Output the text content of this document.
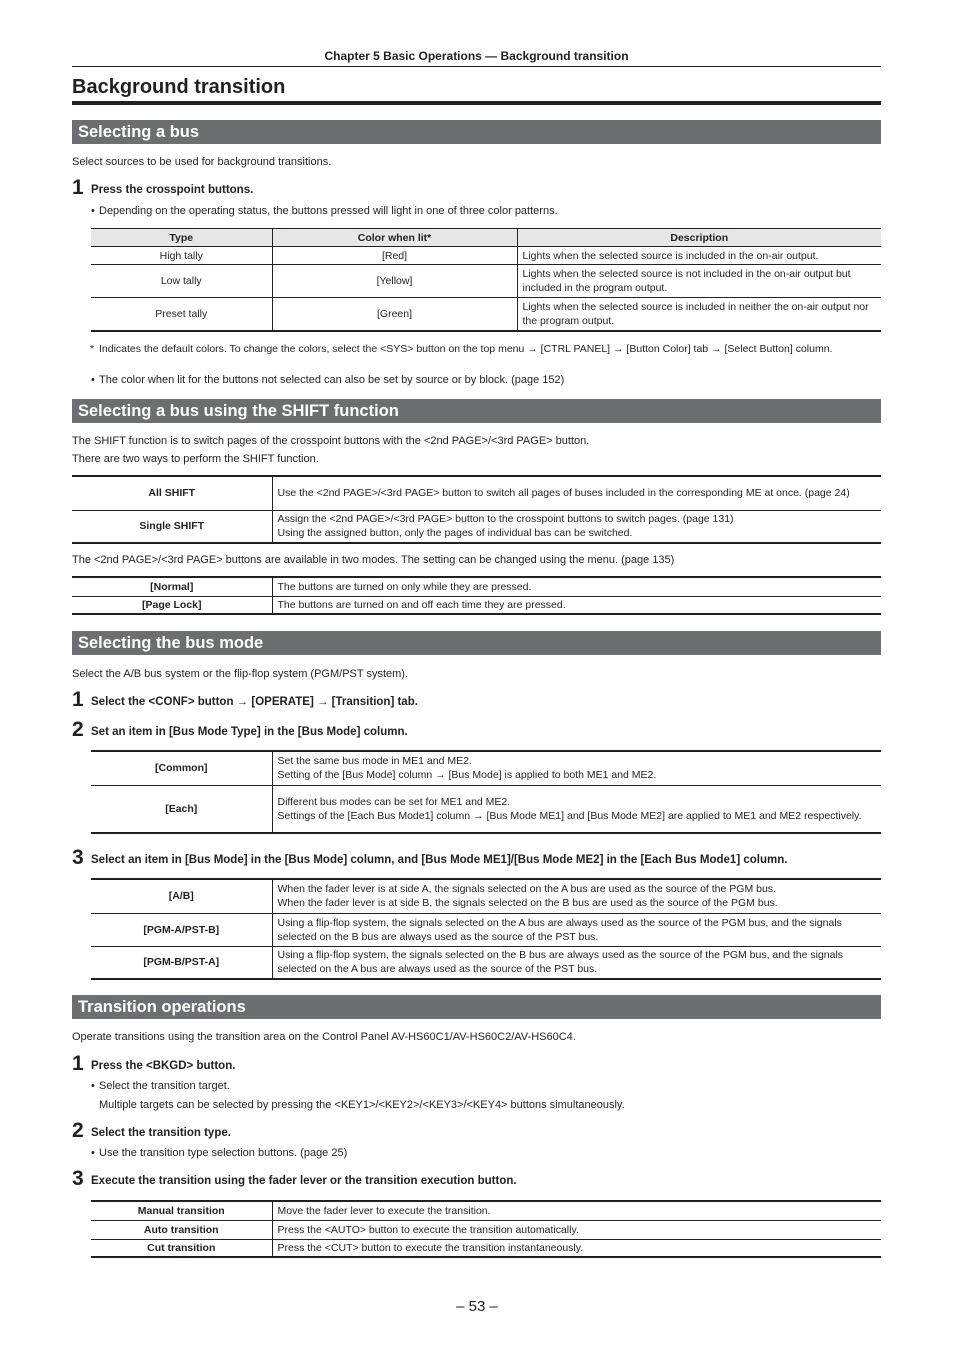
Chapter 5 Basic Operations — Background transition
Background transition
Selecting a bus
Select sources to be used for background transitions.
1 Press the crosspoint buttons.
• Depending on the operating status, the buttons pressed will light in one of three color patterns.
Type	Color when lit*	Description
High tally	[Red]	Lights when the selected source is included in the on-air output.
Low tally	[Yellow]	Lights when the selected source is not included in the on-air output but included in the program output.
Preset tally	[Green]	Lights when the selected source is included in neither the on-air output nor the program output.
* Indicates the default colors. To change the colors, select the <SYS> button on the top menu → [CTRL PANEL] → [Button Color] tab → [Select Button] column.
• The color when lit for the buttons not selected can also be set by source or by block. (page 152)
Selecting a bus using the SHIFT function
The SHIFT function is to switch pages of the crosspoint buttons with the <2nd PAGE>/<3rd PAGE> button.
There are two ways to perform the SHIFT function.
All SHIFT	Use the <2nd PAGE>/<3rd PAGE> button to switch all pages of buses included in the corresponding ME at once. (page 24)
Single SHIFT	Assign the <2nd PAGE>/<3rd PAGE> button to the crosspoint buttons to switch pages. (page 131)
Using the assigned button, only the pages of individual bas can be switched.
The <2nd PAGE>/<3rd PAGE> buttons are available in two modes. The setting can be changed using the menu. (page 135)
[Normal]	The buttons are turned on only while they are pressed.
[Page Lock]	The buttons are turned on and off each time they are pressed.
Selecting the bus mode
Select the A/B bus system or the flip-flop system (PGM/PST system).
1 Select the <CONF> button → [OPERATE] → [Transition] tab.
2 Set an item in [Bus Mode Type] in the [Bus Mode] column.
[Common]	Set the same bus mode in ME1 and ME2.
Setting of the [Bus Mode] column → [Bus Mode] is applied to both ME1 and ME2.

[Each]	Different bus modes can be set for ME1 and ME2.
Settings of the [Each Bus Mode1] column → [Bus Mode ME1] and [Bus Mode ME2] are applied to ME1 and ME2 respectively.
3 Select an item in [Bus Mode] in the [Bus Mode] column, and [Bus Mode ME1]/[Bus Mode ME2] in the [Each Bus Mode1] column.
[A/B]	When the fader lever is at side A, the signals selected on the A bus are used as the source of the PGM bus.
When the fader lever is at side B, the signals selected on the B bus are used as the source of the PGM bus.

[PGM-A/PST-B]	Using a flip-flop system, the signals selected on the A bus are always used as the source of the PGM bus, and the signals selected on the B bus are always used as the source of the PST bus.
[PGM-B/PST-A]	Using a flip-flop system, the signals selected on the B bus are always used as the source of the PGM bus, and the signals selected on the A bus are always used as the source of the PST bus.
Transition operations
Operate transitions using the transition area on the Control Panel AV-HS60C1/AV-HS60C2/AV-HS60C4.
1 Press the <BKGD> button.
• Select the transition target.
Multiple targets can be selected by pressing the <KEY1>/<KEY2>/<KEY3>/<KEY4> buttons simultaneously.
2 Select the transition type.
• Use the transition type selection buttons. (page 25)
3 Execute the transition using the fader lever or the transition execution button.
Manual transition	Move the fader lever to execute the transition.
Auto transition	Press the <AUTO> button to execute the transition automatically.
Cut transition	Press the <CUT> button to execute the transition instantaneously.
– 53 –
